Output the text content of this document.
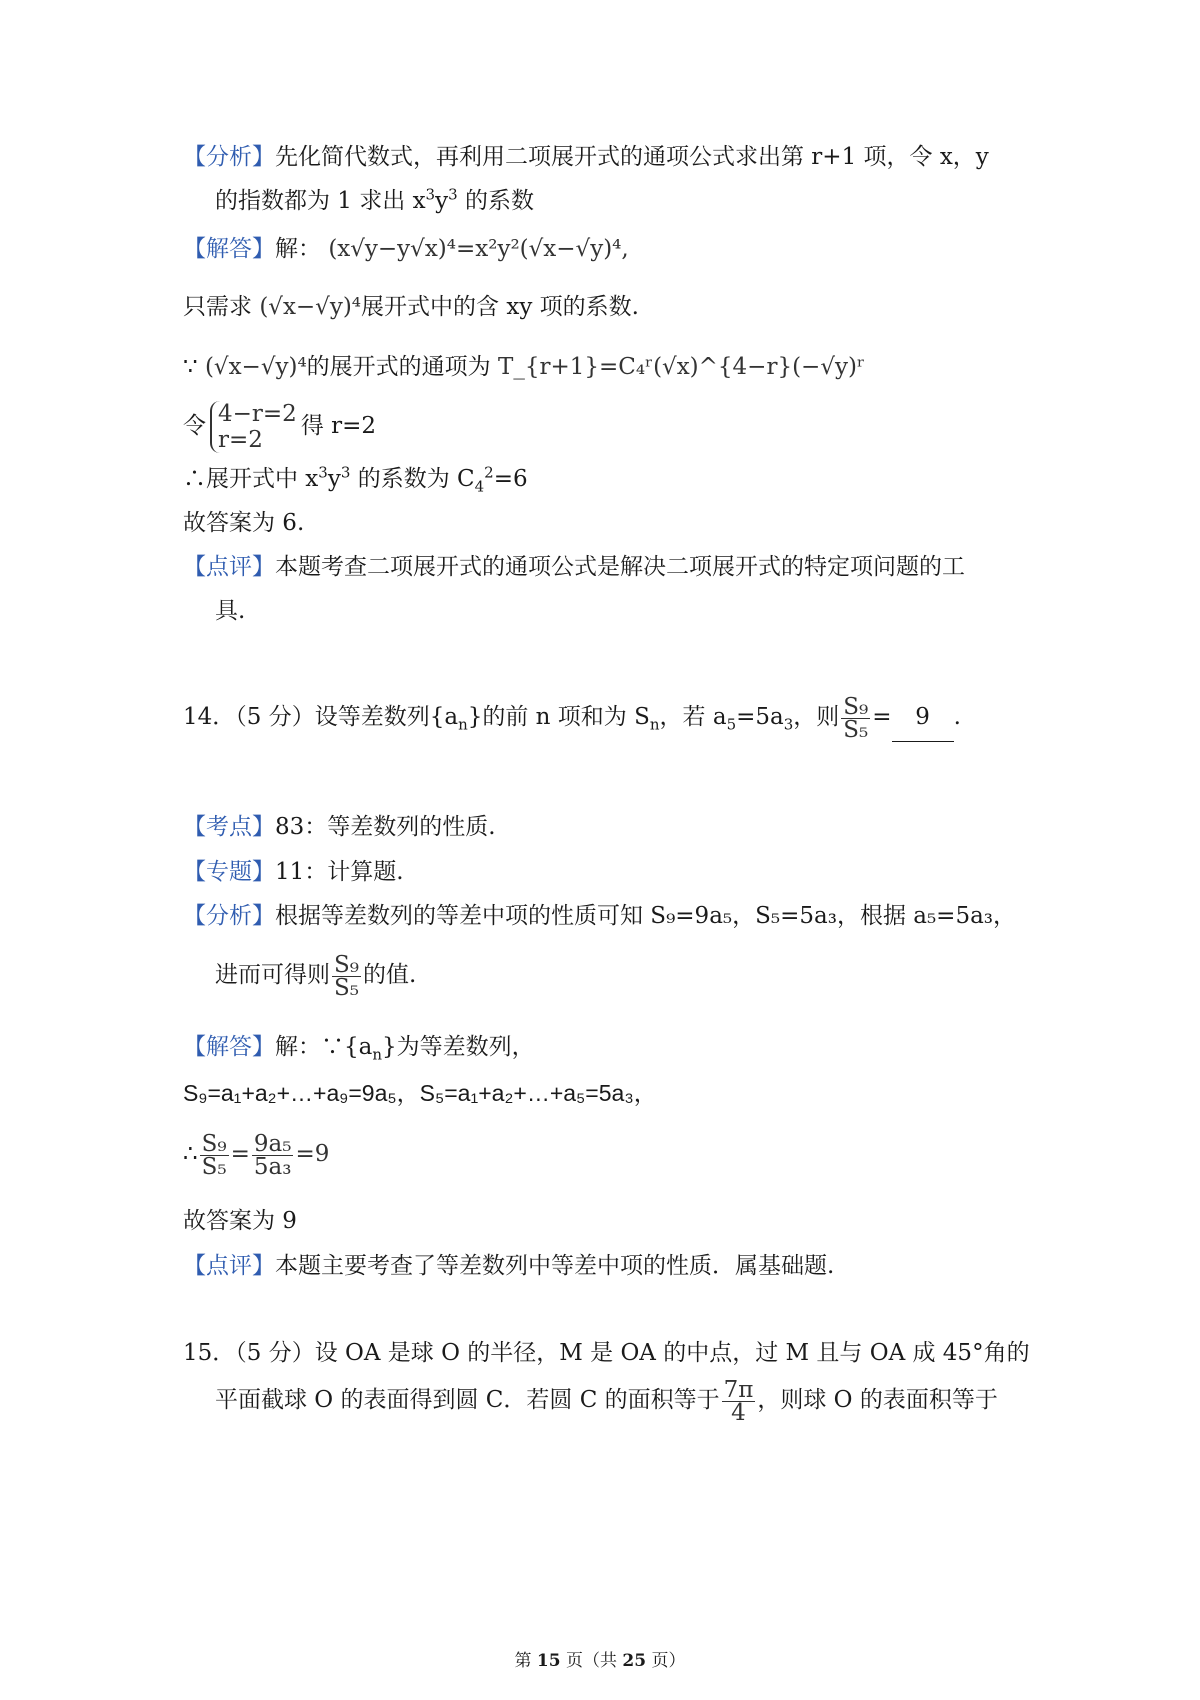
【分析】先化简代数式，再利用二项展开式的通项公式求出第 r+1 项，令 x，y
的指数都为 1 求出 $x^3y^3$ 的系数
【解答】解： (x√y−y√x)⁴=x²y²(√x−√y)⁴,
只需求 (√x−√y)⁴展开式中的含 xy 项的系数.
∵ (√x−√y)⁴的展开式的通项为 T_{r+1}=C₄ʳ(√x)^{4−r}(−√y)ʳ
令 4−r=2
r=2
得 r=2
∴展开式中 $x^3y^3$ 的系数为 $C_4^2=6$
故答案为 6.
【点评】本题考查二项展开式的通项公式是解决二项展开式的特定项问题的工
具.
14．（5 分）设等差数列$\{a_n\}$的前 n 项和为 $S_n$，若 $a_5=5a_3$，则 $\frac{\text{S₉}}{\text{S₅}} = 9$ .
【考点】83：等差数列的性质.
【专题】11：计算题.
【分析】根据等差数列的等差中项的性质可知 S₉=9a₅，S₅=5a₃，根据 a₅=5a₃，
进而可得则 $\frac{\text{S₉}}{\text{S₅}}$ 的值.
【解答】解：$\because\{a_n\}$为等差数列，
S₉=a₁+a₂+…+a₉=9a₅，S₅=a₁+a₂+…+a₅=5a₃，
∴ $\frac{\text{S₉}}{\text{S₅}} = \frac{\text{9a₅}}{\text{5a₃}} =9$
故答案为 9
【点评】本题主要考查了等差数列中等差中项的性质．属基础题.
15．（5 分）设 OA 是球 O 的半径，M 是 OA 的中点，过 M 且与 OA 成 45°角的
平面截球 O 的表面得到圆 C．若圆 C 的面积等于 $\frac{7\pi}{4}$ ，则球 O 的表面积等于
第 15 页（共 25 页）
